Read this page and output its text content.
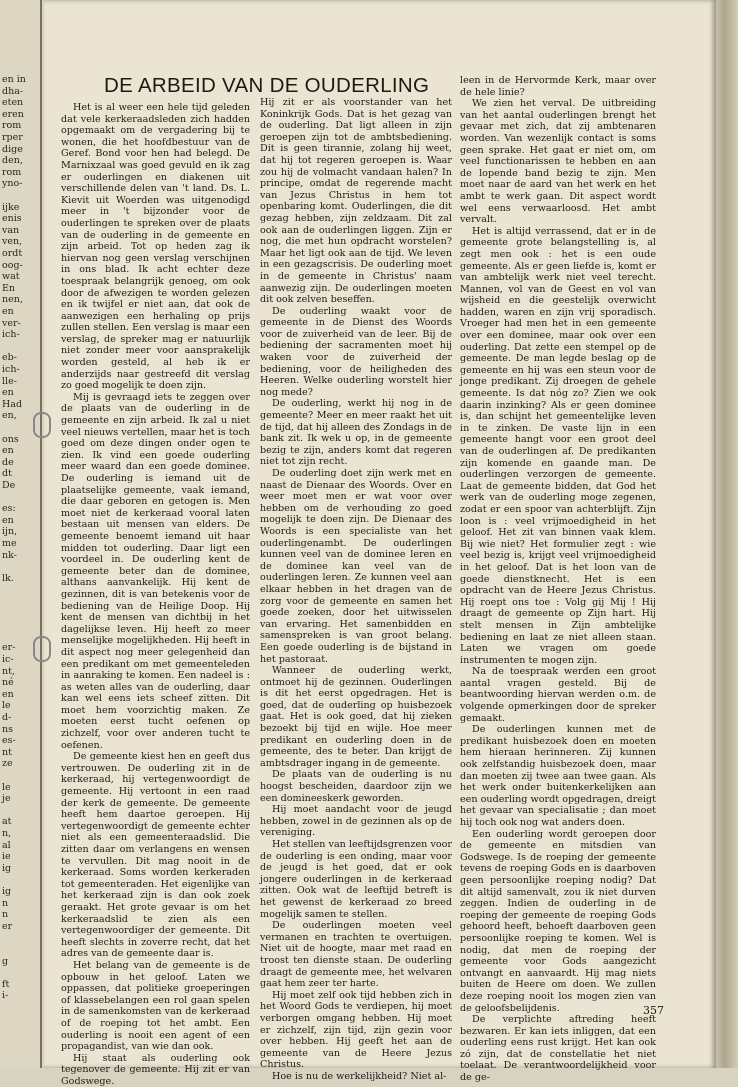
en in
dha-
eten
eren
rom
rper
dige
den,
rom
yno-
ijke
enis
van
ven,
ordt
oog-
wat
En
nen,
en
ver-
ich-
eb-
ich-
lle-
en
Had
en,
ons
en
de
dt
De
es:
en
ijn,
me
nk-
lk.
er-
ic-
nt,
né
en
le
d-
ns
es-
nt
ze
le
je
at
n,
al
ie
ig
ig
n
n
er
g
ft
i-
DE ARBEID VAN DE OUDERLING

Het is al weer een hele tijd geleden dat vele kerkeraadsleden zich hadden opgemaakt om de vergadering bij te wonen, die het hoofdbestuur van de Geref. Bond voor hen had belegd. De Marnixzaal was goed gevuld en ik zag er ouderlingen en diakenen uit verschillende delen van 't land. Ds. L. Kievit uit Woerden was uitgenodigd meer in 't bijzonder voor de ouderlingen te spreken over de plaats van de ouderling in de gemeente en zijn arbeid. Tot op heden zag ik hiervan nog geen verslag verschijnen in ons blad. Ik acht echter deze toespraak belangrijk genoeg, om ook door de afwezigen te worden gelezen en ik twijfel er niet aan, dat ook de aanwezigen een herhaling op prijs zullen stellen. Een verslag is maar een verslag, de spreker mag er natuurlijk niet zonder meer voor aansprakelijk worden gesteld, al heb ik er anderzijds naar gestreefd dit verslag zo goed mogelijk te doen zijn.

Mij is gevraagd iets te zeggen over de plaats van de ouderling in de gemeente en zijn arbeid. Ik zal u niet veel nieuws vertellen, maar het is toch goed om deze dingen onder ogen te zien. Ik vind een goede ouderling meer waard dan een goede dominee. De ouderling is iemand uit de plaatselijke gemeente, vaak iemand, die daar geboren en getogen is. Men moet niet de kerkeraad vooral laten bestaan uit mensen van elders. De gemeente benoemt iemand uit haar midden tot ouderling. Daar ligt een voordeel in. De ouderling kent de gemeente beter dan de dominee, althans aanvankelijk. Hij kent de gezinnen, dit is van betekenis voor de bediening van de Heilige Doop. Hij kent de mensen van dichtbij in het dagelijkse leven. Hij heeft zo meer menselijke mogelijkheden. Hij heeft in dit aspect nog meer gelegenheid dan een predikant om met gemeenteleden in aanraking te komen. Een nadeel is : as weten alles van de ouderling, daar kan wel eens iets scheef zitten. Dit moet hem voorzichtig maken. Ze moeten eerst tucht oefenen op zichzelf, voor over anderen tucht te oefenen.

De gemeente kiest hen en geeft dus vertrouwen. De ouderling zit in de kerkeraad, hij vertegenwoordigt de gemeente. Hij vertoont in een raad der kerk de gemeente. De gemeente heeft hem daartoe geroepen. Hij vertegenwoordigt de gemeente echter niet als een gemeenteraadslid. Die zitten daar om verlangens en wensen te vervullen. Dit mag nooit in de kerkeraad. Soms worden kerkeraden tot gemeenteraden. Het eigenlijke van het kerkeraad zijn is dan ook zoek geraakt. Het grote gevaar is om het kerkeraadslid te zien als een vertegenwoordiger der gemeente. Dit heeft slechts in zoverre recht, dat het adres van de gemeente daar is.

Het belang van de gemeente is de opbouw in het geloof. Laten we oppassen, dat politieke groeperingen of klassebelangen een rol gaan spelen in de samenkomsten van de kerkeraad of de roeping tot het ambt. Een ouderling is nooit een agent of een propagandist, van wie dan ook.

Hij staat als ouderling ook tegenover de gemeente. Hij zit er van Godswege.

Hij zit er als voorstander van het Koninkrijk Gods. Dat is het gezag van de ouderling. Dat ligt alleen in zijn geroepen zijn tot de ambtsbediening. Dit is geen tirannie, zolang hij weet, dat hij tot regeren geroepen is. Waar zou hij de volmacht vandaan halen? In principe, omdat de regerende macht van Jezus Christus in hem tot openbaring komt. Ouderlingen, die dit gezag hebben, zijn zeldzaam. Dit zal ook aan de ouderlingen liggen. Zijn er nog, die met hun opdracht worstelen? Maar het ligt ook aan de tijd. We leven in een gezagscrisis. De ouderling moet in de gemeente in Christus' naam aanwezig zijn. De ouderlingen moeten dit ook zelven beseffen.

De ouderling waakt voor de gemeente in de Dienst des Woords voor de zuiverheid van de leer. Bij de bediening der sacramenten moet hij waken voor de zuiverheid der bediening, voor de heiligheden des Heeren. Welke ouderling worstelt hier nog mede?

De ouderling, werkt hij nog in de gemeente? Meer en meer raakt het uit de tijd, dat hij alleen des Zondags in de bank zit. Ik wek u op, in de gemeente bezig te zijn, anders komt dat regeren niet tot zijn recht.

De ouderling doet zijn werk met en naast de Dienaar des Woords. Over en weer moet men er wat voor over hebben om de verhouding zo goed mogelijk te doen zijn. De Dienaar des Woords is een specialiste van het ouderlingenambt. De ouderlingen kunnen veel van de dominee leren en de dominee kan veel van de ouderlingen leren. Ze kunnen veel aan elkaar hebben in het dragen van de zorg voor de gemeente en samen het goede zoeken, door het uitwisselen van ervaring. Het samenbidden en samenspreken is van groot belang. Een goede ouderling is de bijstand in het pastoraat.

Wanneer de ouderling werkt, ontmoet hij de gezinnen. Ouderlingen is dit het eerst opgedragen. Het is goed, dat de ouderling op huisbezoek gaat. Het is ook goed, dat hij zieken bezoekt bij tijd en wijle. Hoe meer predikant en ouderling doen in de gemeente, des te beter. Dan krijgt de ambtsdrager ingang in de gemeente.

De plaats van de ouderling is nu hoogst bescheiden, daardoor zijn we een domineeskerk geworden.

Hij moet aandacht voor de jeugd hebben, zowel in de gezinnen als op de vereniging.

Het stellen van leeftijdsgrenzen voor de ouderling is een onding, maar voor de jeugd is het goed, dat er ook jongere ouderlingen in de kerkeraad zitten. Ook wat de leeftijd betreft is het gewenst de kerkeraad zo breed mogelijk samen te stellen.

De ouderlingen moeten veel vermanen en trachten te overtuigen. Niet uit de hoogte, maar met raad en troost ten dienste staan. De ouderling draagt de gemeente mee, het welvaren gaat hem zeer ter harte.

Hij moet zelf ook tijd hebben zich in het Woord Gods te verdiepen, hij moet verborgen omgang hebben. Hij moet er zichzelf, zijn tijd, zijn gezin voor over hebben. Hij geeft het aan de gemeente van de Heere Jezus Christus.

Hoe is nu de werkelijkheid? Niet al-

leen in de Hervormde Kerk, maar over de hele linie?

We zien het verval. De uitbreiding van het aantal ouderlingen brengt het gevaar met zich, dat zij ambtenaren worden. Van wezenlijk contact is soms geen sprake. Het gaat er niet om, om veel functionarissen te hebben en aan de lopende band bezig te zijn. Men moet naar de aard van het werk en het ambt te werk gaan. Dit aspect wordt wel eens verwaarloosd. Het ambt vervalt.

Het is altijd verrassend, dat er in de gemeente grote belangstelling is, al zegt men ook : het is een oude gemeente. Als er geen liefde is, komt er van ambtelijk werk niet veel terecht. Mannen, vol van de Geest en vol van wijsheid en die geestelijk overwicht hadden, waren en zijn vrij sporadisch. Vroeger had men het in een gemeente over een dominee, maar ook over een ouderling. Dat zette een stempel op de gemeente. De man legde beslag op de gemeente en hij was een steun voor de jonge predikant. Zij droegen de gehele gemeente. Is dat nóg zo? Zien we ook daarin inzinking? Als er geen dominee is, dan schijnt het gemeentelijke leven in te zinken. De vaste lijn in een gemeente hangt voor een groot deel van de ouderlingen af. De predikanten zijn komende en gaande man. De ouderlingen verzorgen de gemeente. Laat de gemeente bidden, dat God het werk van de ouderling moge zegenen, zodat er een spoor van achterblijft. Zijn loon is : veel vrijmoedigheid in het geloof. Het zit van binnen vaak klem. Bij wie niet? Het formulier zegt : wie veel bezig is, krijgt veel vrijmoedigheid in het geloof. Dat is het loon van de goede dienstknecht. Het is een opdracht van de Heere Jezus Christus. Hij roept ons toe : Volg gij Mij ! Hij draagt de gemeente op Zijn hart. Hij stelt mensen in Zijn ambtelijke bediening en laat ze niet alleen staan. Laten we vragen om goede instrumenten te mogen zijn.

Na de toespraak werden een groot aantal vragen gesteld. Bij de beantwoording hiervan werden o.m. de volgende opmerkingen door de spreker gemaakt.

De ouderlingen kunnen met de predikant huisbezoek doen en moeten hem hieraan herinneren. Zij kunnen ook zelfstandig huisbezoek doen, maar dan moeten zij twee aan twee gaan. Als het werk onder buitenkerkelijken aan een ouderling wordt opgedragen, dreigt het gevaar van specialisatie ; dan moet hij toch ook nog wat anders doen.

Een ouderling wordt geroepen door de gemeente en mitsdien van Godswege. Is de roeping der gemeente tevens de roeping Gods en is daarboven geen persoonlijke roeping nodig? Dat dit altijd samenvalt, zou ik niet durven zeggen. Indien de ouderling in de roeping der gemeente de roeping Gods gehoord heeft, behoeft daarboven geen persoonlijke roeping te komen. Wel is nodig, dat men de roeping der gemeente voor Gods aangezicht ontvangt en aanvaardt. Hij mag niets buiten de Heere om doen. We zullen deze roeping nooit los mogen zien van de geloofsbelijdenis.

De verplichte aftreding heeft bezwaren. Er kan iets inliggen, dat een ouderling eens rust krijgt. Het kan ook zó zijn, dat de constellatie het niet toelaat. De verantwoordelijkheid voor de ge-

357
